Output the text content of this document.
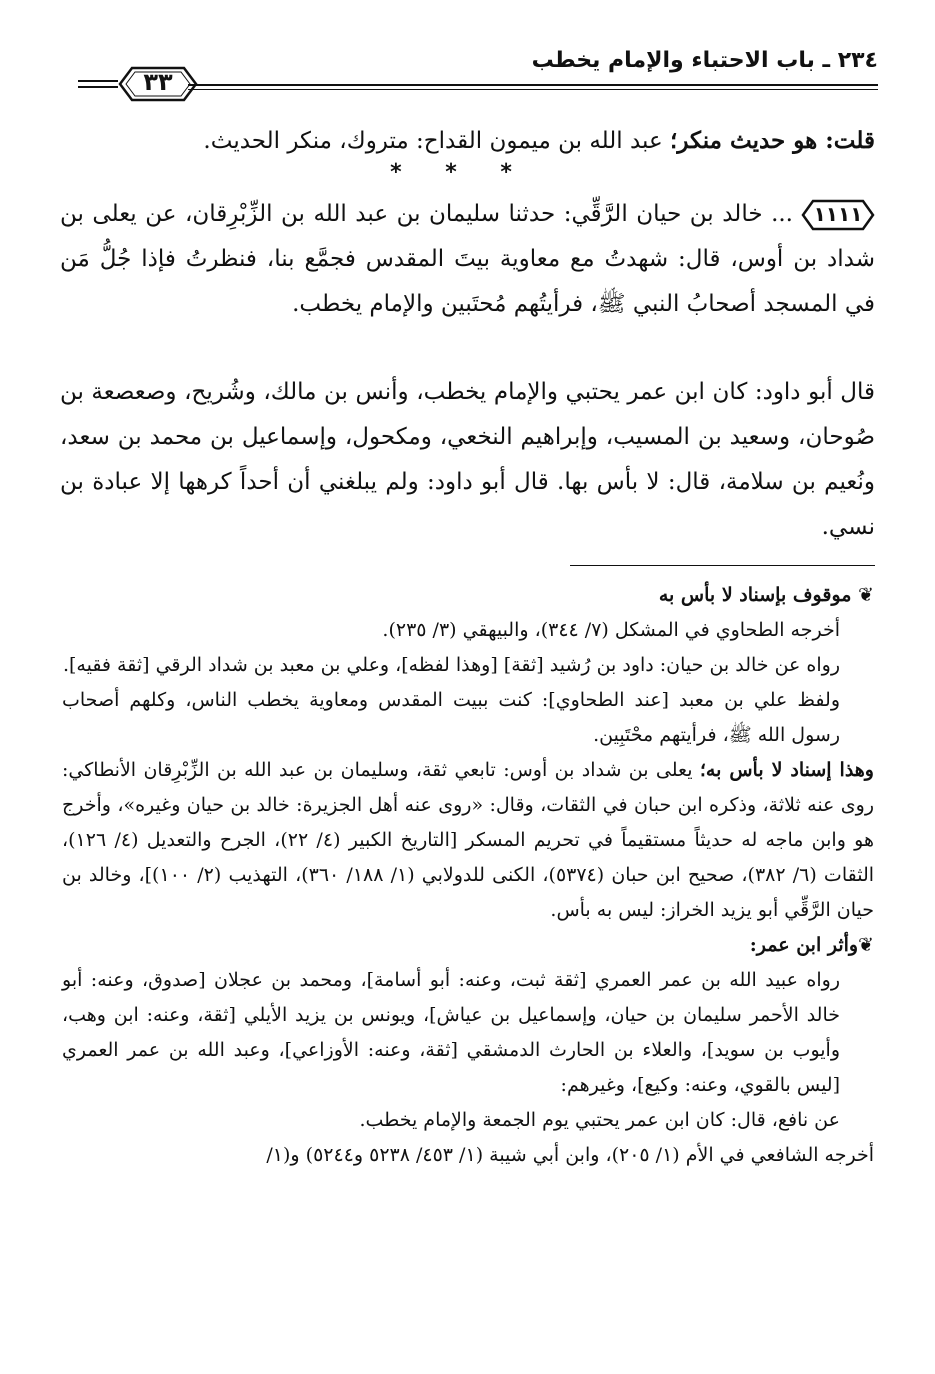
٢٣٤ ـ باب الاحتباء والإمام يخطب
٣٣
قلت: هو حديث منكر؛ عبد الله بن ميمون القداح: متروك، منكر الحديث.
* * *
١١١١
... خالد بن حيان الرَّقِّي: حدثنا سليمان بن عبد الله بن الزِّبْرِقان، عن يعلى بن شداد بن أوس، قال: شهدتُ مع معاوية بيتَ المقدس فجمَّع بنا، فنظرتُ فإذا جُلُّ مَن في المسجد أصحابُ النبي ﷺ، فرأيتُهم مُحتَبين والإمام يخطب.
قال أبو داود: كان ابن عمر يحتبي والإمام يخطب، وأنس بن مالك، وشُريح، وصعصعة بن صُوحان، وسعيد بن المسيب، وإبراهيم النخعي، ومكحول، وإسماعيل بن محمد بن سعد، ونُعيم بن سلامة، قال: لا بأس بها. قال أبو داود: ولم يبلغني أن أحداً كرهها إلا عبادة بن نسي.

❦ موقوف بإسناد لا بأس به

أخرجه الطحاوي في المشكل (٧/ ٣٤٤)، والبيهقي (٣/ ٢٣٥).

رواه عن خالد بن حيان: داود بن رُشيد [ثقة] [وهذا لفظه]، وعلي بن معبد بن شداد الرقي [ثقة فقيه].

ولفظ علي بن معبد [عند الطحاوي]: كنت ببيت المقدس ومعاوية يخطب الناس، وكلهم أصحاب رسول الله ﷺ، فرأيتهم محْتَبِين.

وهذا إسناد لا بأس به؛ يعلى بن شداد بن أوس: تابعي ثقة، وسليمان بن عبد الله بن الزِّبْرِقان الأنطاكي: روى عنه ثلاثة، وذكره ابن حبان في الثقات، وقال: «روى عنه أهل الجزيرة: خالد بن حيان وغيره»، وأخرج هو وابن ماجه له حديثاً مستقيماً في تحريم المسكر [التاريخ الكبير (٤/ ٢٢)، الجرح والتعديل (٤/ ١٢٦)، الثقات (٦/ ٣٨٢)، صحيح ابن حبان (٥٣٧٤)، الكنى للدولابي (١/ ١٨٨/ ٣٦٠)، التهذيب (٢/ ١٠٠)]، وخالد بن حيان الرَّقِّي أبو يزيد الخراز: ليس به بأس.

❦وأثر ابن عمر:

رواه عبيد الله بن عمر العمري [ثقة ثبت، وعنه: أبو أسامة]، ومحمد بن عجلان [صدوق، وعنه: أبو خالد الأحمر سليمان بن حيان، وإسماعيل بن عياش]، ويونس بن يزيد الأيلي [ثقة، وعنه: ابن وهب، وأيوب بن سويد]، والعلاء بن الحارث الدمشقي [ثقة، وعنه: الأوزاعي]، وعبد الله بن عمر العمري [ليس بالقوي، وعنه: وكيع]، وغيرهم:

عن نافع، قال: كان ابن عمر يحتبي يوم الجمعة والإمام يخطب.

أخرجه الشافعي في الأم (١/ ٢٠٥)، وابن أبي شيبة (١/ ٤٥٣/ ٥٢٣٨ و٥٢٤٤) و(١/
